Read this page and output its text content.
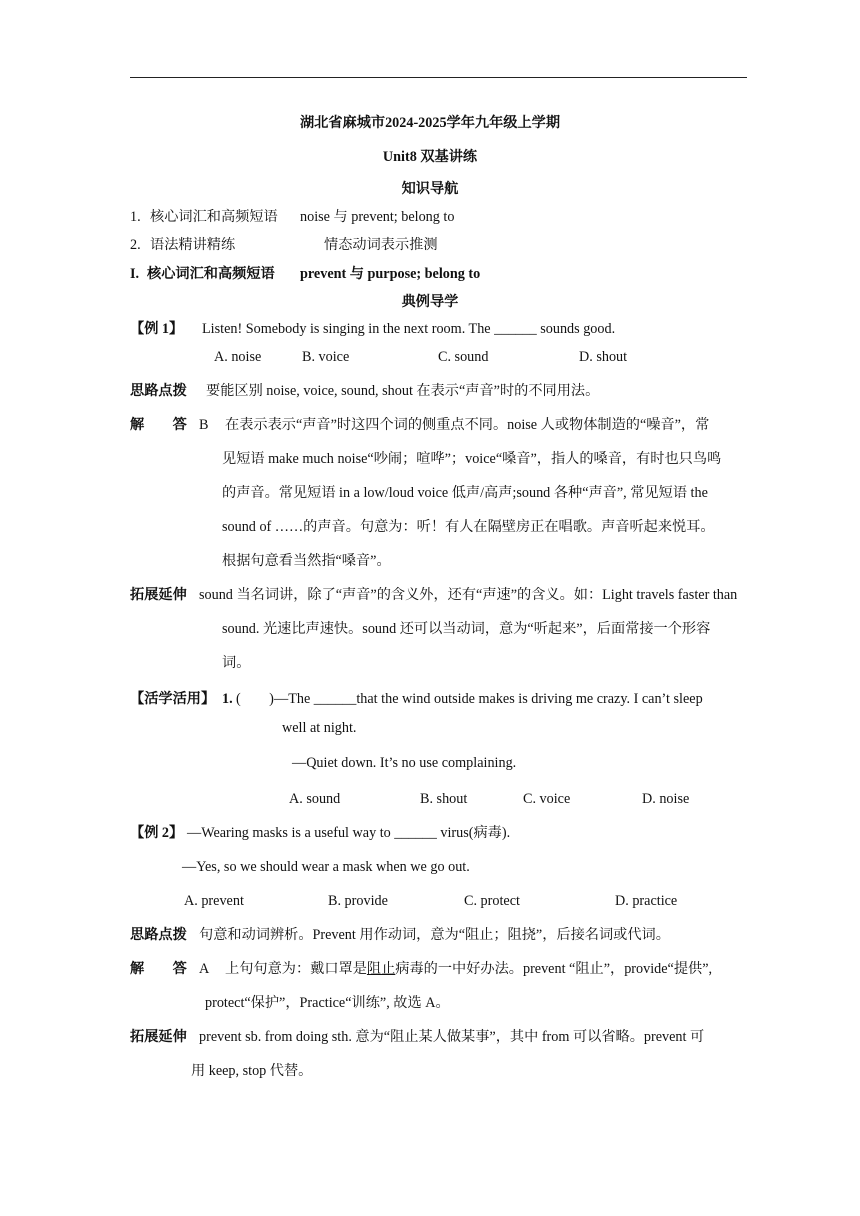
湖北省麻城市2024-2025学年九年级上学期
Unit8 双基讲练
知识导航
1. 核心词汇和高频短语 noise 与 prevent; belong to
2. 语法精讲精练	情态动词表示推测
I. 核心词汇和高频短语 prevent 与 purpose; belong to
典例导学
【例 1】 Listen! Somebody is singing in the next room. The ______ sounds good.
A. noise	B. voice	C. sound	D. shout
思路点拨 要能区别 noise, voice, sound, shout 在表示“声音”时的不同用法。
解　　答 B 在表示表示“声音”时这四个词的侧重点不同。noise 人或物体制造的“噪音”，常
见短语 make much noise“吵闹；喧哗”；voice“嗓音”，指人的嗓音，有时也只鸟鸣
的声音。常见短语 in a low/loud voice 低声/高声;sound 各种“声音”, 常见短语 the
sound of ……的声音。句意为：听！有人在隔壁房正在唱歌。声音听起来悦耳。
根据句意看当然指“嗓音”。
拓展延伸 sound 当名词讲，除了“声音”的含义外，还有“声速”的含义。如：Light travels faster than
sound. 光速比声速快。sound 还可以当动词，意为“听起来”，后面常接一个形容
词。
【活学活用】 1. (　　) —The ______that the wind outside makes is driving me crazy. I can’t sleep
well at night.
—Quiet down. It’s no use complaining.
A. sound	B. shout	C. voice	D. noise
【例 2】 —Wearing masks is a useful way to ______ virus(病毒).
—Yes, so we should wear a mask when we go out.
A. prevent	B. provide	C. protect	D. practice
思路点拨 句意和动词辨析。Prevent 用作动词，意为“阻止；阻挠”，后接名词或代词。
解　　答 A 上句句意为：戴口罩是阻止病毒的一中好办法。prevent “阻止”，provide“提供”,
protect“保护”，Practice“训练”, 故选 A。
拓展延伸 prevent sb. from doing sth. 意为“阻止某人做某事”，其中 from 可以省略。prevent 可
用 keep, stop 代替。
